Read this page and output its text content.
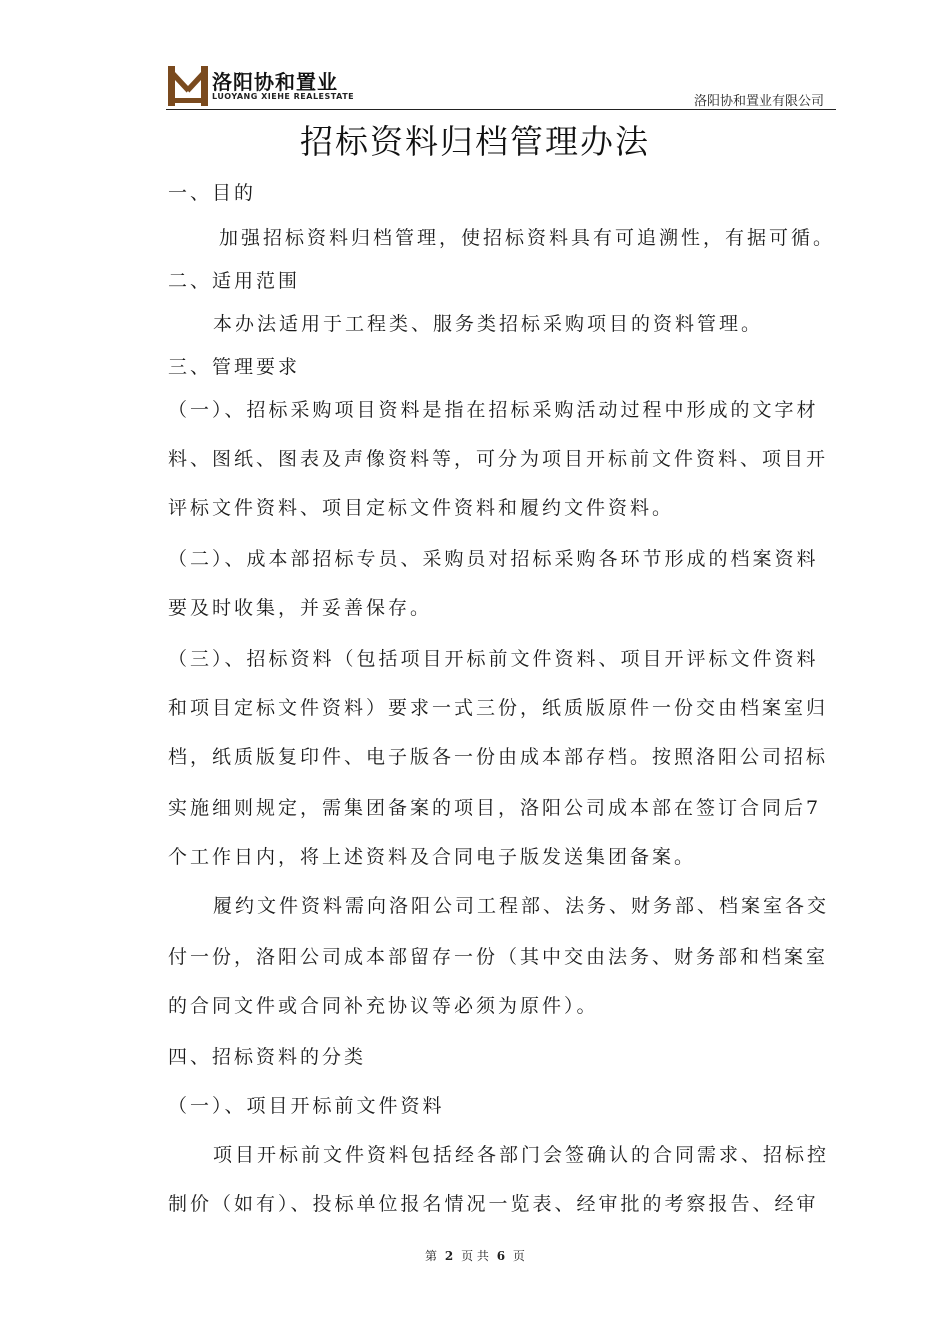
洛阳协和置业
LUOYANG XIEHE REALESTATE	洛阳协和置业有限公司
招标资料归档管理办法
一、目的
加强招标资料归档管理，使招标资料具有可追溯性，有据可循。
二、适用范围
本办法适用于工程类、服务类招标采购项目的资料管理。
三、管理要求
（一）、招标采购项目资料是指在招标采购活动过程中形成的文字材
料、图纸、图表及声像资料等，可分为项目开标前文件资料、项目开
评标文件资料、项目定标文件资料和履约文件资料。
（二）、成本部招标专员、采购员对招标采购各环节形成的档案资料
要及时收集，并妥善保存。
（三）、招标资料（包括项目开标前文件资料、项目开评标文件资料
和项目定标文件资料）要求一式三份，纸质版原件一份交由档案室归
档，纸质版复印件、电子版各一份由成本部存档。按照洛阳公司招标
实施细则规定，需集团备案的项目，洛阳公司成本部在签订合同后7
个工作日内，将上述资料及合同电子版发送集团备案。
履约文件资料需向洛阳公司工程部、法务、财务部、档案室各交
付一份，洛阳公司成本部留存一份（其中交由法务、财务部和档案室
的合同文件或合同补充协议等必须为原件）。
四、招标资料的分类
（一）、项目开标前文件资料
项目开标前文件资料包括经各部门会签确认的合同需求、招标控
制价（如有）、投标单位报名情况一览表、经审批的考察报告、经审
第 2 页 共 6 页
